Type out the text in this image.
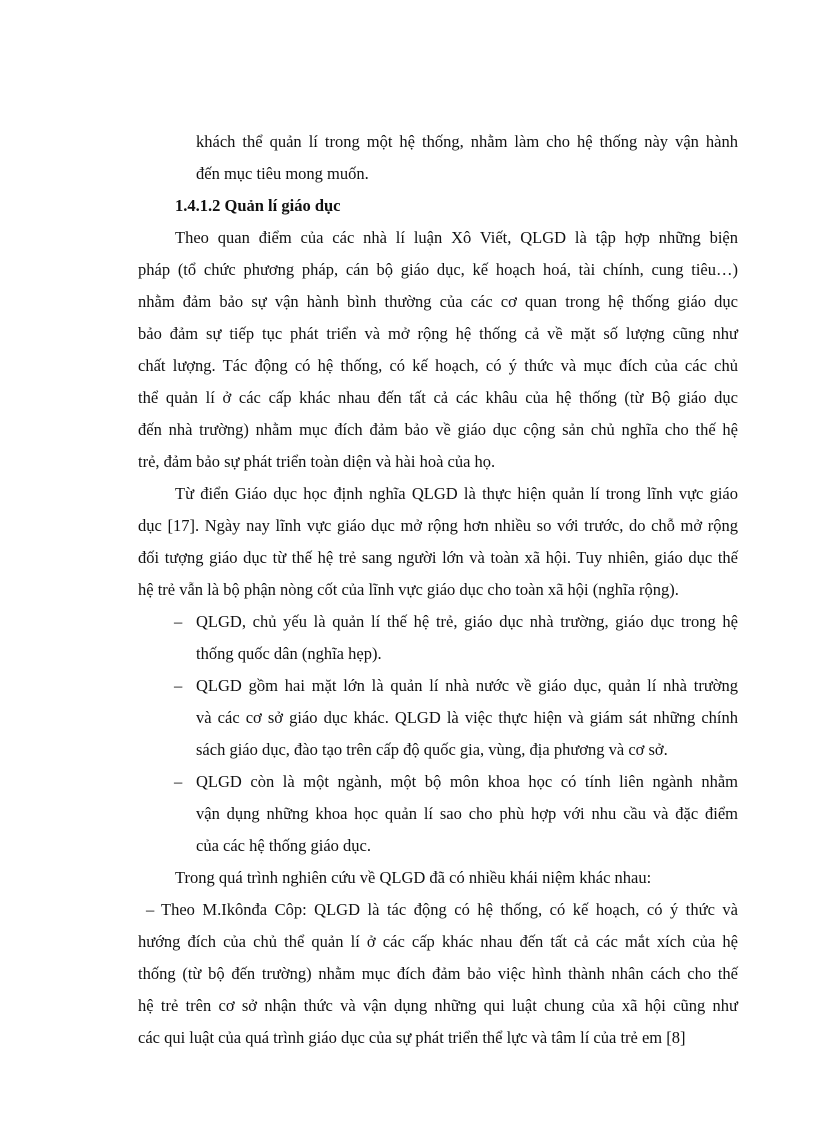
khách thể quản lí trong một hệ thống, nhằm làm cho hệ thống này vận hành
đến mục tiêu mong muốn.
1.4.1.2 Quản lí giáo dục
Theo quan điểm của các nhà lí luận Xô Viết, QLGD là tập hợp những biện
pháp (tổ chức phương pháp, cán bộ giáo dục, kế hoạch hoá, tài chính, cung tiêu…)
nhằm đảm bảo sự vận hành bình thường của các cơ quan trong hệ thống giáo dục
bảo đảm sự tiếp tục phát triển và mở rộng hệ thống cả về mặt số lượng cũng như
chất lượng. Tác động có hệ thống, có kế hoạch, có ý thức và mục đích của các chủ
thể quản lí ở các cấp khác nhau đến tất cả các khâu của hệ thống (từ Bộ giáo dục
đến nhà trường) nhằm mục đích đảm bảo về giáo dục cộng sản chủ nghĩa cho thế hệ
trẻ, đảm bảo sự phát triển toàn diện và hài hoà của họ.
Từ điển Giáo dục học định nghĩa QLGD là thực hiện quản lí trong lĩnh vực giáo
dục [17]. Ngày nay lĩnh vực giáo dục mở rộng hơn nhiều so với trước, do chỗ mở rộng
đối tượng giáo dục từ thế hệ trẻ sang người lớn và toàn xã hội. Tuy nhiên, giáo dục thế
hệ trẻ vẫn là bộ phận nòng cốt của lĩnh vực giáo dục cho toàn xã hội (nghĩa rộng).
– QLGD, chủ yếu là quản lí thế hệ trẻ, giáo dục nhà trường, giáo dục trong hệ
thống quốc dân (nghĩa hẹp).
– QLGD gồm hai mặt lớn là quản lí nhà nước về giáo dục, quản lí nhà trường
và các cơ sở giáo dục khác. QLGD là việc thực hiện và giám sát những chính
sách giáo dục, đào tạo trên cấp độ quốc gia, vùng, địa phương và cơ sở.
– QLGD còn là một ngành, một bộ môn khoa học có tính liên ngành nhằm
vận dụng những khoa học quản lí sao cho phù hợp với nhu cầu và đặc điểm
của các hệ thống giáo dục.
Trong quá trình nghiên cứu về QLGD đã có nhiều khái niệm khác nhau:
– Theo M.Ikônđa Côp: QLGD là tác động có hệ thống, có kế hoạch, có ý thức và
hướng đích của chủ thể quản lí ở các cấp khác nhau đến tất cả các mắt xích của hệ
thống (từ bộ đến trường) nhằm mục đích đảm bảo việc hình thành nhân cách cho thế
hệ trẻ trên cơ sở nhận thức và vận dụng những qui luật chung của xã hội cũng như
các qui luật của quá trình giáo dục của sự phát triển thể lực và tâm lí của trẻ em [8]
